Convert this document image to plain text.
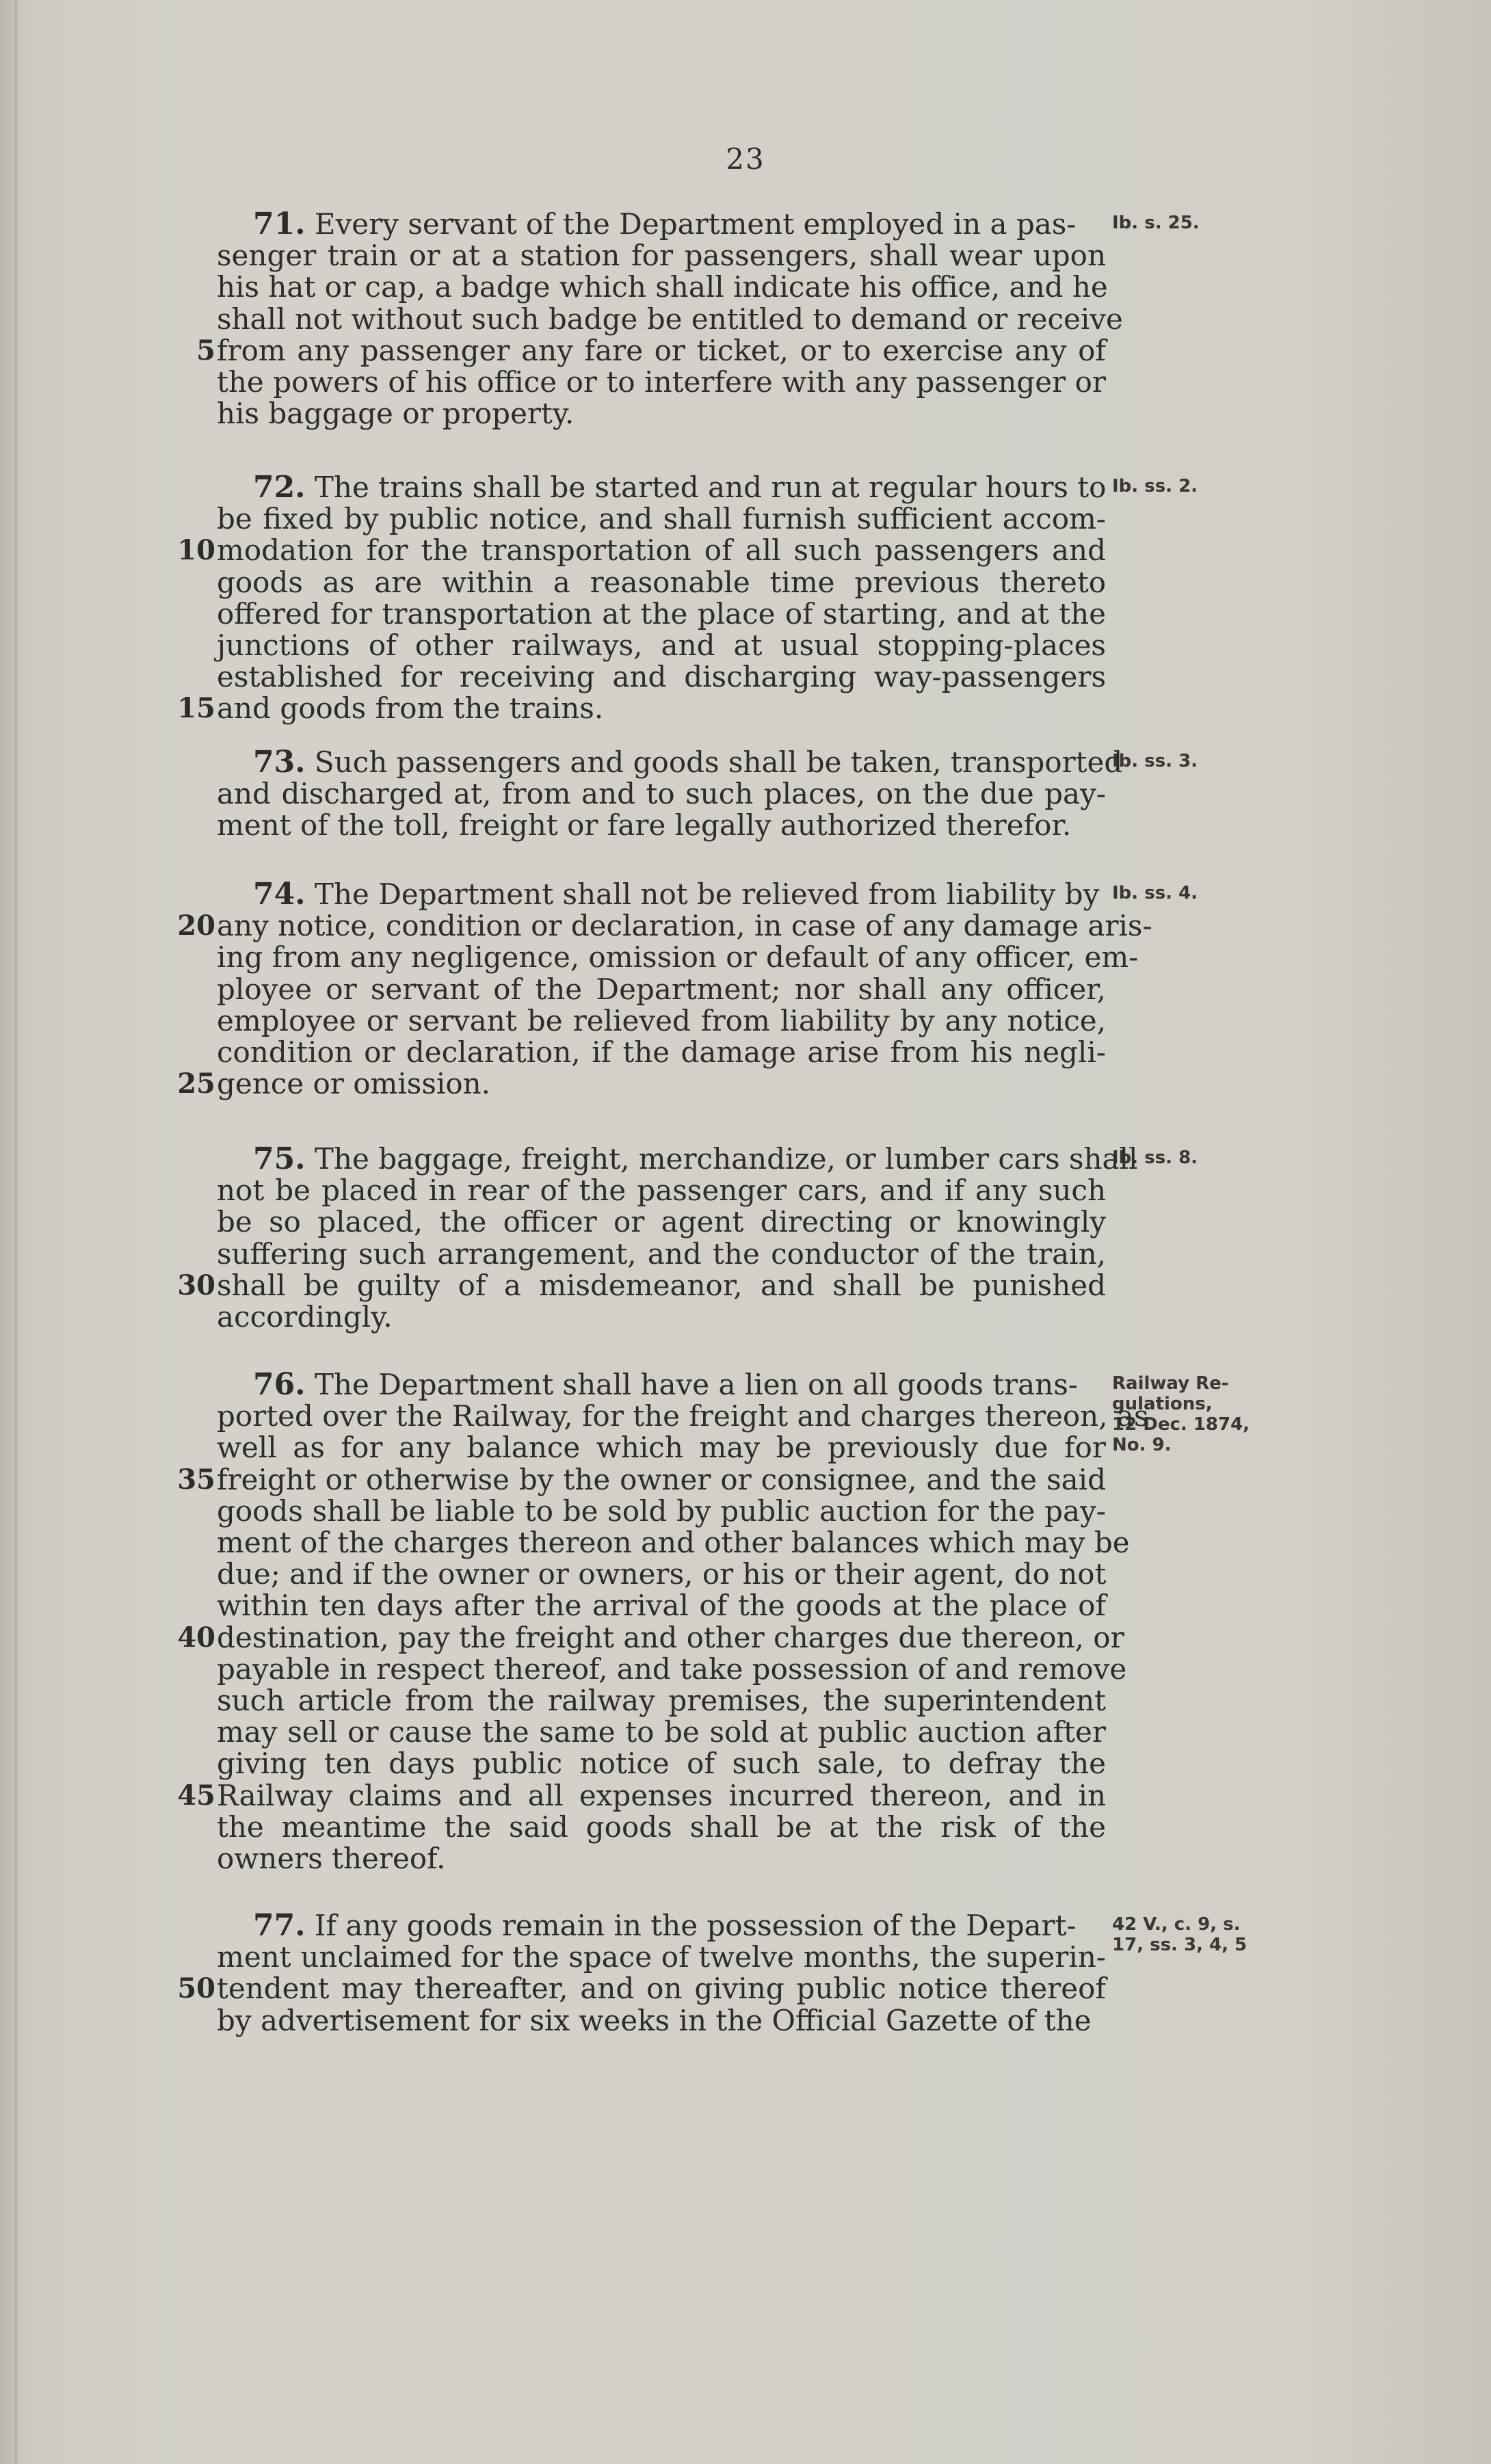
23
Ib. s. 25.
71. Every servant of the Department employed in a pas-
senger train or at a station for passengers, shall wear upon
his hat or cap, a badge which shall indicate his office, and he
shall not without such badge be entitled to demand or receive
5 from any passenger any fare or ticket, or to exercise any of
the powers of his office or to interfere with any passenger or
his baggage or property.
Ib. ss. 2.
72. The trains shall be started and run at regular hours to
be fixed by public notice, and shall furnish sufficient accom-
10 modation for the transportation of all such passengers and
goods as are within a reasonable time previous thereto
offered for transportation at the place of starting, and at the
junctions of other railways, and at usual stopping-places
established for receiving and discharging way-passengers
15 and goods from the trains.
Ib. ss. 3.
73. Such passengers and goods shall be taken, transported
and discharged at, from and to such places, on the due pay-
ment of the toll, freight or fare legally authorized therefor.
Ib. ss. 4.
74. The Department shall not be relieved from liability by
20 any notice, condition or declaration, in case of any damage aris-
ing from any negligence, omission or default of any officer, em-
ployee or servant of the Department; nor shall any officer,
employee or servant be relieved from liability by any notice,
condition or declaration, if the damage arise from his negli-
25 gence or omission.
Ib. ss. 8.
75. The baggage, freight, merchandize, or lumber cars shall
not be placed in rear of the passenger cars, and if any such
be so placed, the officer or agent directing or knowingly
suffering such arrangement, and the conductor of the train,
30 shall be guilty of a misdemeanor, and shall be punished
accordingly.
Railway Re-
gulations,
12 Dec. 1874,
No. 9.
76. The Department shall have a lien on all goods trans-
ported over the Railway, for the freight and charges thereon, as
well as for any balance which may be previously due for
35 freight or otherwise by the owner or consignee, and the said
goods shall be liable to be sold by public auction for the pay-
ment of the charges thereon and other balances which may be
due; and if the owner or owners, or his or their agent, do not
within ten days after the arrival of the goods at the place of
40 destination, pay the freight and other charges due thereon, or
payable in respect thereof, and take possession of and remove
such article from the railway premises, the superintendent
may sell or cause the same to be sold at public auction after
giving ten days public notice of such sale, to defray the
45 Railway claims and all expenses incurred thereon, and in
the meantime the said goods shall be at the risk of the
owners thereof.
42 V., c. 9, s.
17, ss. 3, 4, 5
77. If any goods remain in the possession of the Depart-
ment unclaimed for the space of twelve months, the superin-
50 tendent may thereafter, and on giving public notice thereof
by advertisement for six weeks in the Official Gazette of the
